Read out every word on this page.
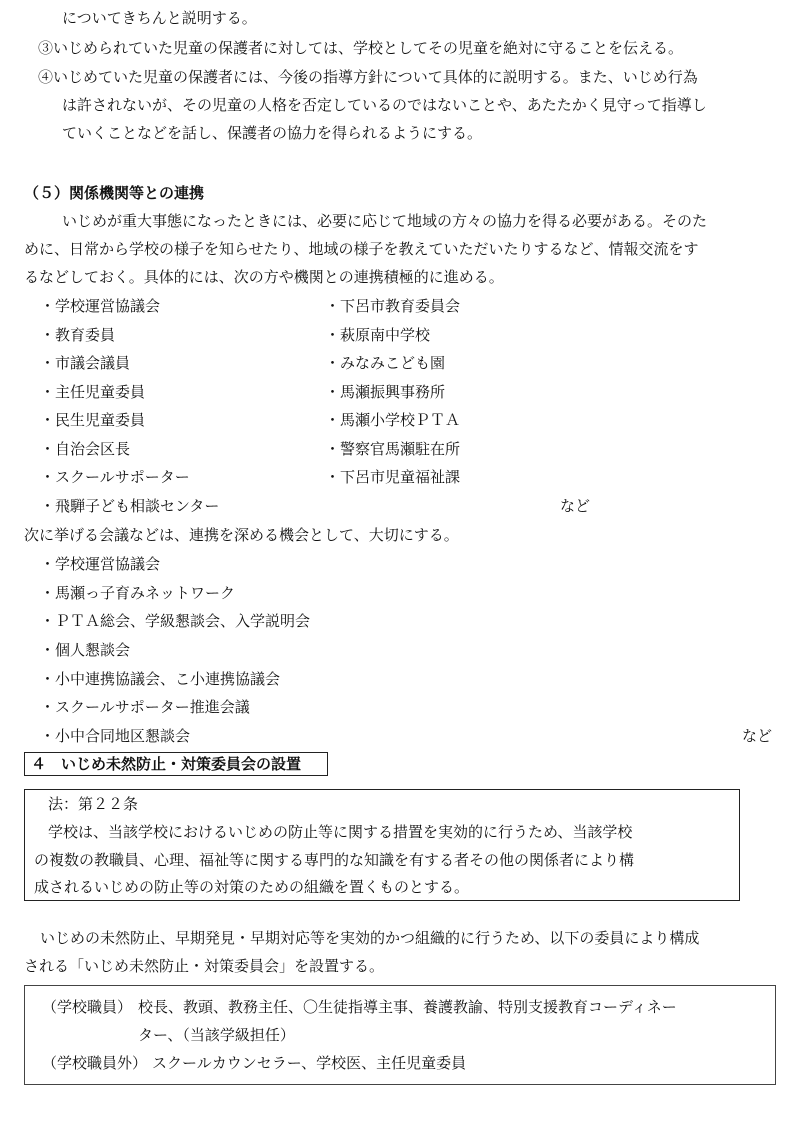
についてきちんと説明する。
③いじめられていた児童の保護者に対しては、学校としてその児童を絶対に守ることを伝える。
④いじめていた児童の保護者には、今後の指導方針について具体的に説明する。また、いじめ行為
は許されないが、その児童の人格を否定しているのではないことや、あたたかく見守って指導し
ていくことなどを話し、保護者の協力を得られるようにする。
（５）関係機関等との連携
いじめが重大事態になったときには、必要に応じて地域の方々の協力を得る必要がある。そのた
めに、日常から学校の様子を知らせたり、地域の様子を教えていただいたりするなど、情報交流をす
るなどしておく。具体的には、次の方や機関との連携積極的に進める。
・学校運営協議会
・教育委員
・市議会議員
・主任児童委員
・民生児童委員
・自治会区長
・スクールサポーター
・飛騨子ども相談センター
・下呂市教育委員会
・萩原南中学校
・みなみこども園
・馬瀬振興事務所
・馬瀬小学校ＰＴＡ
・警察官馬瀬駐在所
・下呂市児童福祉課
など
次に挙げる会議などは、連携を深める機会として、大切にする。
・学校運営協議会
・馬瀬っ子育みネットワーク
・ＰＴＡ総会、学級懇談会、入学説明会
・個人懇談会
・小中連携協議会、こ小連携協議会
・スクールサポーター推進会議
・小中合同地区懇談会	など
４　いじめ未然防止・対策委員会の設置
法：第２２条
学校は、当該学校におけるいじめの防止等に関する措置を実効的に行うため、当該学校
の複数の教職員、心理、福祉等に関する専門的な知識を有する者その他の関係者により構
成されるいじめの防止等の対策のための組織を置くものとする。
いじめの未然防止、早期発見・早期対応等を実効的かつ組織的に行うため、以下の委員により構成
される「いじめ未然防止・対策委員会」を設置する。
（学校職員） 校長、教頭、教務主任、〇生徒指導主事、養護教諭、特別支援教育コーディネー
ター、（当該学級担任）
（学校職員外） スクールカウンセラー、学校医、主任児童委員
